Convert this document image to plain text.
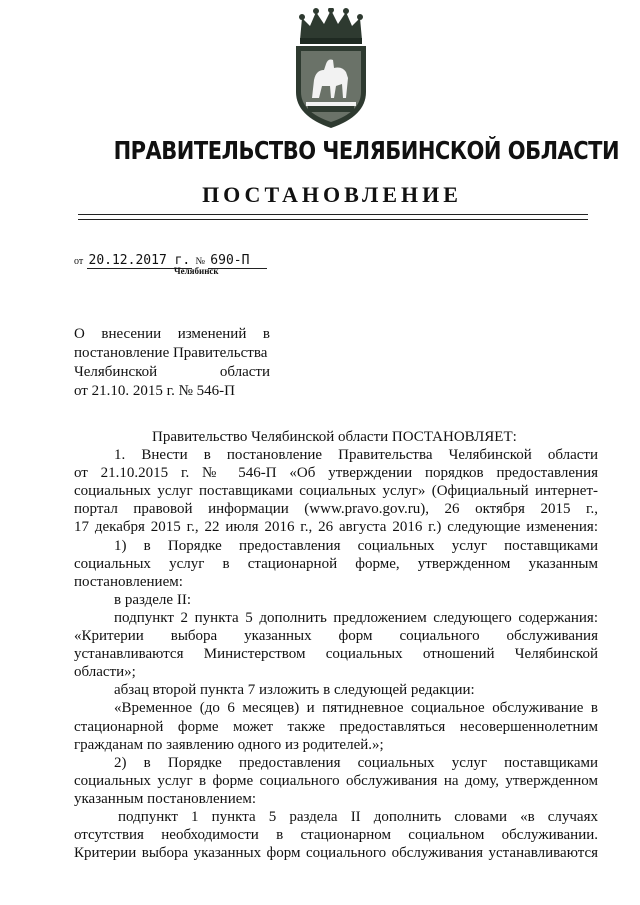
ПРАВИТЕЛЬСТВО ЧЕЛЯБИНСКОЙ ОБЛАСТИ
ПОСТАНОВЛЕНИЕ
от 20.12.2017 г. № 690-П
Челябинск
О внесении изменений в
постановление Правительства
Челябинской области
от 21.10. 2015 г. № 546-П
Правительство Челябинской области ПОСТАНОВЛЯЕТ:
1. Внести в постановление Правительства Челябинской области
от 21.10.2015 г. № 546-П «Об утверждении порядков предоставления
социальных услуг поставщиками социальных услуг» (Официальный интернет-
портал правовой информации (www.pravo.gov.ru), 26 октября 2015 г.,
17 декабря 2015 г., 22 июля 2016 г., 26 августа 2016 г.) следующие изменения:
1) в Порядке предоставления социальных услуг поставщиками
социальных услуг в стационарной форме, утвержденном указанным
постановлением:
в разделе II:
подпункт 2 пункта 5 дополнить предложением следующего содержания:
«Критерии выбора указанных форм социального обслуживания
устанавливаются Министерством социальных отношений Челябинской
области»;
абзац второй пункта 7 изложить в следующей редакции:
«Временное (до 6 месяцев) и пятидневное социальное обслуживание в
стационарной форме может также предоставляться несовершеннолетним
гражданам по заявлению одного из родителей.»;
2) в Порядке предоставления социальных услуг поставщиками
социальных услуг в форме социального обслуживания на дому, утвержденном
указанным постановлением:
подпункт 1 пункта 5 раздела II дополнить словами «в случаях
отсутствия необходимости в стационарном социальном обслуживании.
Критерии выбора указанных форм социального обслуживания устанавливаются
